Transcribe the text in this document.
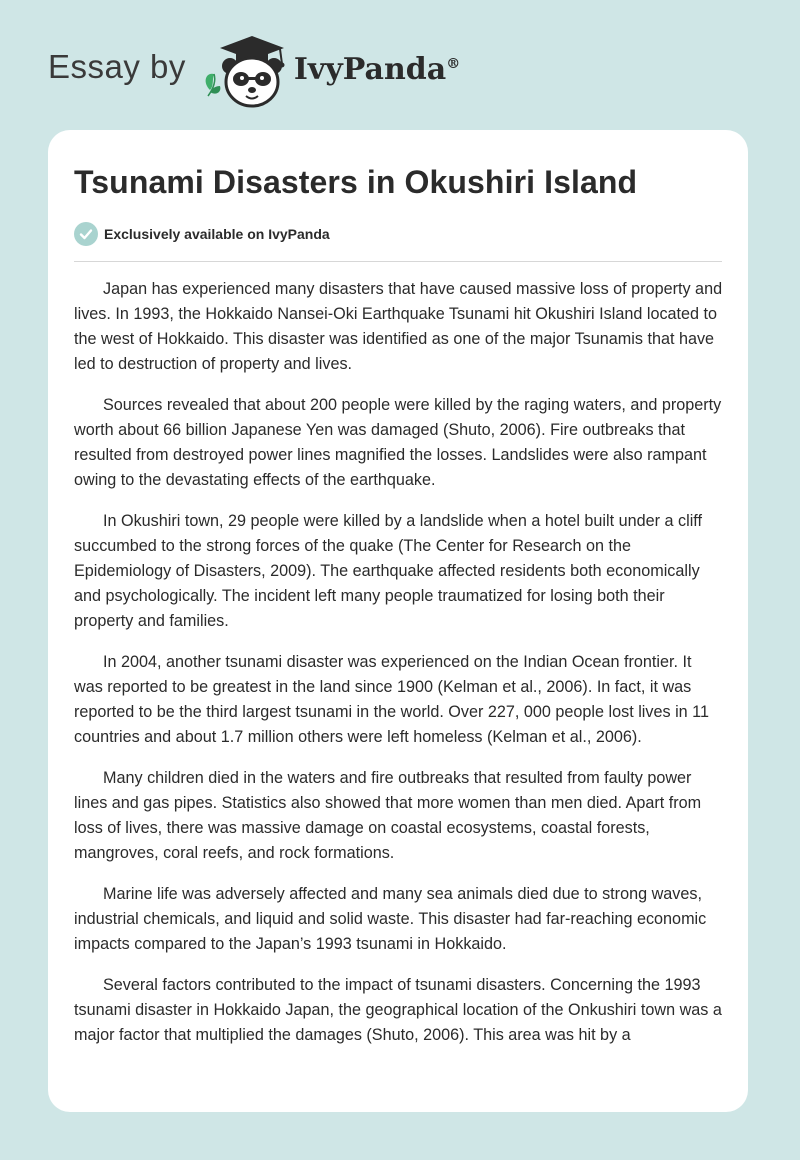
Essay by	IvyPanda®
Tsunami Disasters in Okushiri Island
Exclusively available on IvyPanda

Japan has experienced many disasters that have caused massive loss of property and lives. In 1993, the Hokkaido Nansei-Oki Earthquake Tsunami hit Okushiri Island located to the west of Hokkaido. This disaster was identified as one of the major Tsunamis that have led to destruction of property and lives.

Sources revealed that about 200 people were killed by the raging waters, and property worth about 66 billion Japanese Yen was damaged (Shuto, 2006). Fire outbreaks that resulted from destroyed power lines magnified the losses. Landslides were also rampant owing to the devastating effects of the earthquake.

In Okushiri town, 29 people were killed by a landslide when a hotel built under a cliff succumbed to the strong forces of the quake (The Center for Research on the Epidemiology of Disasters, 2009). The earthquake affected residents both economically and psychologically. The incident left many people traumatized for losing both their property and families.

In 2004, another tsunami disaster was experienced on the Indian Ocean frontier. It was reported to be greatest in the land since 1900 (Kelman et al., 2006). In fact, it was reported to be the third largest tsunami in the world. Over 227, 000 people lost lives in 11 countries and about 1.7 million others were left homeless (Kelman et al., 2006).

Many children died in the waters and fire outbreaks that resulted from faulty power lines and gas pipes. Statistics also showed that more women than men died. Apart from loss of lives, there was massive damage on coastal ecosystems, coastal forests, mangroves, coral reefs, and rock formations.

Marine life was adversely affected and many sea animals died due to strong waves, industrial chemicals, and liquid and solid waste. This disaster had far-reaching economic impacts compared to the Japan’s 1993 tsunami in Hokkaido.

Several factors contributed to the impact of tsunami disasters. Concerning the 1993 tsunami disaster in Hokkaido Japan, the geographical location of the Onkushiri town was a major factor that multiplied the damages (Shuto, 2006). This area was hit by a
